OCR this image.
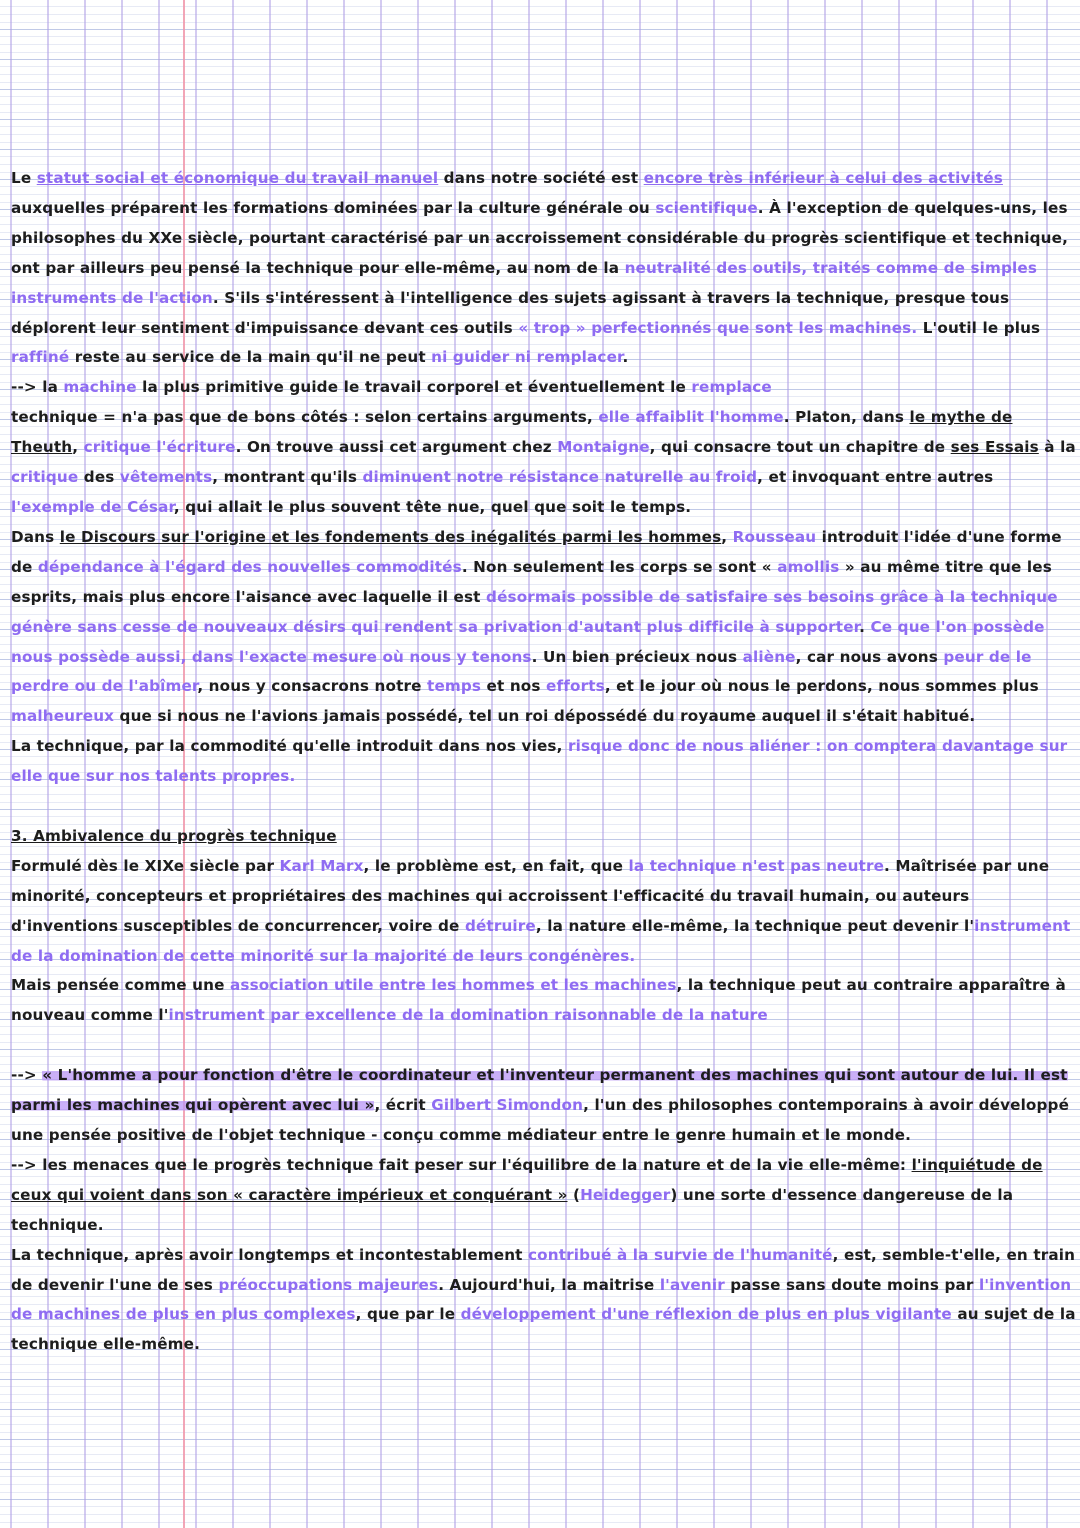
Le statut social et économique du travail manuel dans notre société est encore très inférieur à celui des activités auxquelles préparent les formations dominées par la culture générale ou scientifique. À l'exception de quelques-uns, les philosophes du XXe siècle, pourtant caractérisé par un accroissement considérable du progrès scientifique et technique, ont par ailleurs peu pensé la technique pour elle-même, au nom de la neutralité des outils, traités comme de simples instruments de l'action. S'ils s'intéressent à l'intelligence des sujets agissant à travers la technique, presque tous déplorent leur sentiment d'impuissance devant ces outils « trop » perfectionnés que sont les machines. L'outil le plus raffiné reste au service de la main qu'il ne peut ni guider ni remplacer.
--> la machine la plus primitive guide le travail corporel et éventuellement le remplace
technique = n'a pas que de bons côtés : selon certains arguments, elle affaiblit l'homme. Platon, dans le mythe de Theuth, critique l'écriture. On trouve aussi cet argument chez Montaigne, qui consacre tout un chapitre de ses Essais à la critique des vêtements, montrant qu'ils diminuent notre résistance naturelle au froid, et invoquant entre autres l'exemple de César, qui allait le plus souvent tête nue, quel que soit le temps.
Dans le Discours sur l'origine et les fondements des inégalités parmi les hommes, Rousseau introduit l'idée d'une forme de dépendance à l'égard des nouvelles commodités. Non seulement les corps se sont « amollis » au même titre que les esprits, mais plus encore l'aisance avec laquelle il est désormais possible de satisfaire ses besoins grâce à la technique génère sans cesse de nouveaux désirs qui rendent sa privation d'autant plus difficile à supporter. Ce que l'on possède nous possède aussi, dans l'exacte mesure où nous y tenons. Un bien précieux nous aliène, car nous avons peur de le perdre ou de l'abîmer, nous y consacrons notre temps et nos efforts, et le jour où nous le perdons, nous sommes plus malheureux que si nous ne l'avions jamais possédé, tel un roi dépossédé du royaume auquel il s'était habitué.
La technique, par la commodité qu'elle introduit dans nos vies, risque donc de nous aliéner : on comptera davantage sur elle que sur nos talents propres.
3. Ambivalence du progrès technique
Formulé dès le XIXe siècle par Karl Marx, le problème est, en fait, que la technique n'est pas neutre. Maîtrisée par une minorité, concepteurs et propriétaires des machines qui accroissent l'efficacité du travail humain, ou auteurs d'inventions susceptibles de concurrencer, voire de détruire, la nature elle-même, la technique peut devenir l'instrument de la domination de cette minorité sur la majorité de leurs congénères.
Mais pensée comme une association utile entre les hommes et les machines, la technique peut au contraire apparaître à nouveau comme l'instrument par excellence de la domination raisonnable de la nature
--> « L'homme a pour fonction d'être le coordinateur et l'inventeur permanent des machines qui sont autour de lui. Il est parmi les machines qui opèrent avec lui », écrit Gilbert Simondon, l'un des philosophes contemporains à avoir développé une pensée positive de l'objet technique - conçu comme médiateur entre le genre humain et le monde.
--> les menaces que le progrès technique fait peser sur l'équilibre de la nature et de la vie elle-même: l'inquiétude de ceux qui voient dans son « caractère impérieux et conquérant » (Heidegger) une sorte d'essence dangereuse de la technique.
La technique, après avoir longtemps et incontestablement contribué à la survie de l'humanité, est, semble-t'elle, en train de devenir l'une de ses préoccupations majeures. Aujourd'hui, la maitrise l'avenir passe sans doute moins par l'invention de machines de plus en plus complexes, que par le développement d'une réflexion de plus en plus vigilante au sujet de la technique elle-même.
